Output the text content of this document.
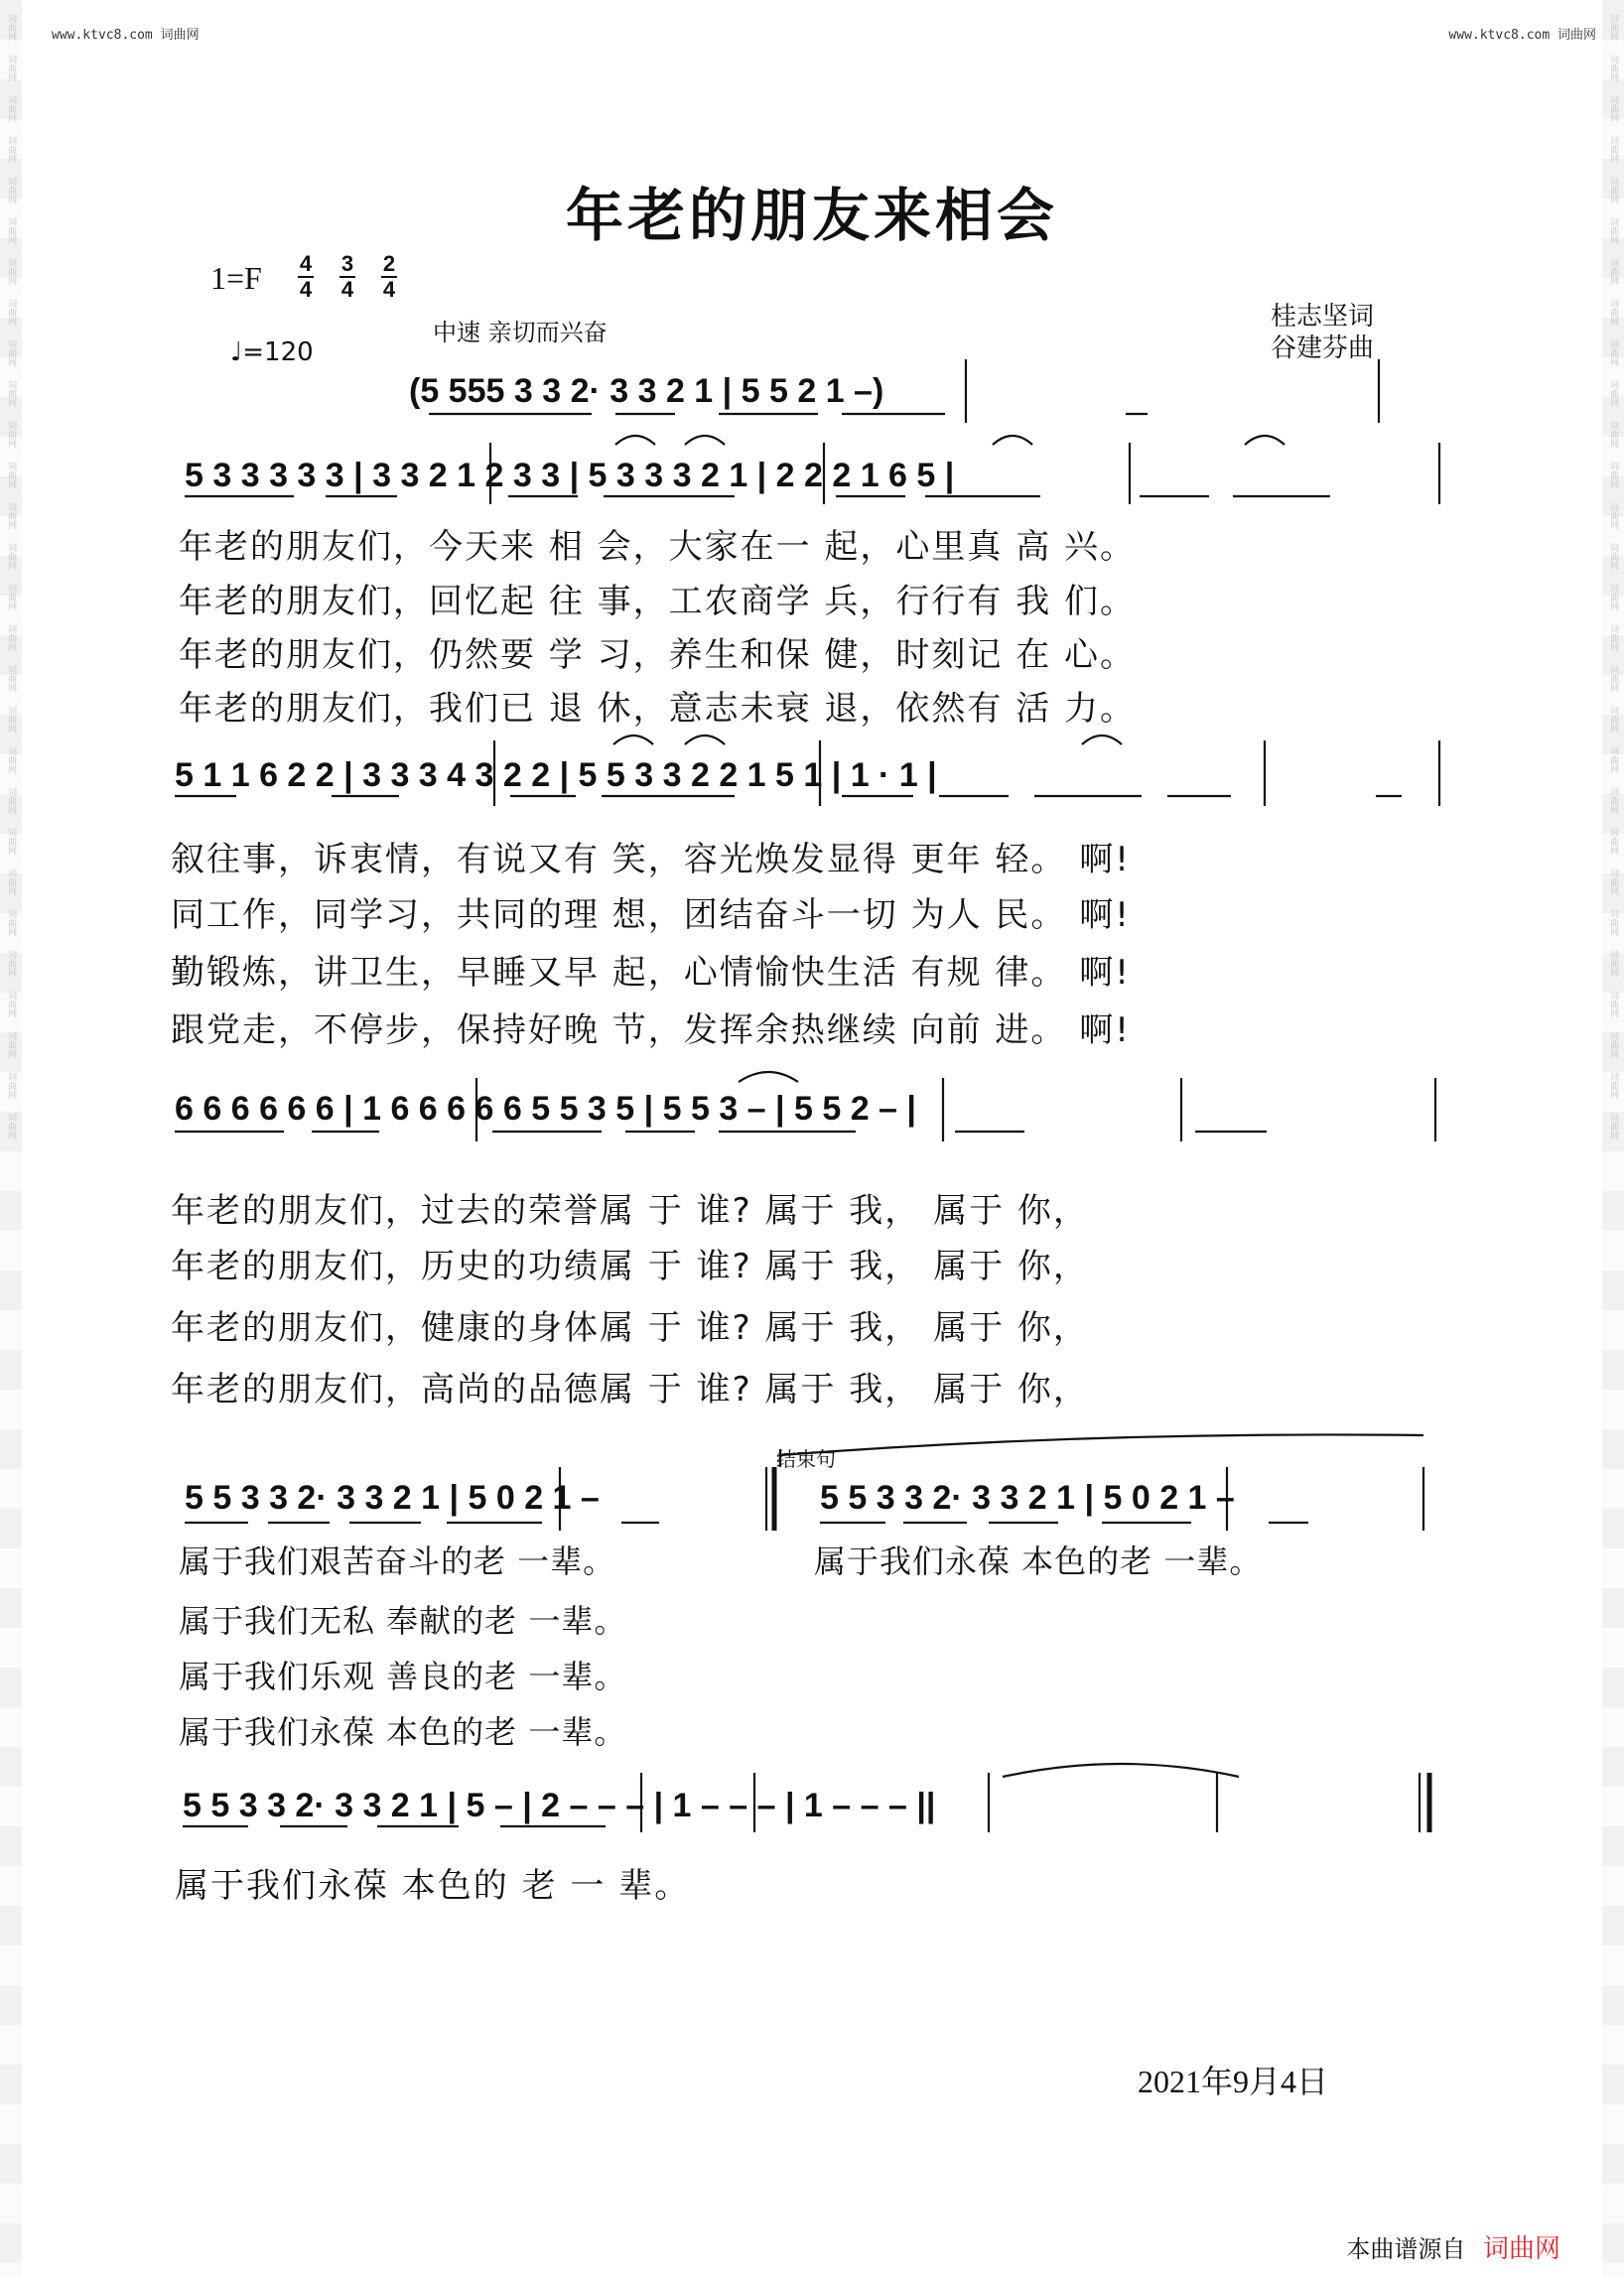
词曲网
词曲网
词曲网
词曲网
词曲网
词曲网
词曲网
词曲网
词曲网
词曲网
词曲网
词曲网
词曲网
词曲网
词曲网
词曲网
词曲网
词曲网
词曲网
词曲网
词曲网
词曲网
词曲网
词曲网
词曲网
词曲网
词曲网
词曲网
词曲网
词曲网
词曲网
词曲网
词曲网
词曲网
词曲网
词曲网
词曲网
词曲网
词曲网
词曲网
词曲网
词曲网
词曲网
词曲网
词曲网
词曲网
词曲网
词曲网
词曲网
词曲网
词曲网
词曲网
词曲网
词曲网
词曲网
词曲网
www.ktvc8.com 词曲网	www.ktvc8.com 词曲网
年老的朋友来相会
1=F 4
4
3
4
2
4
中速 亲切而兴奋
♩=120
桂志坚词
谷建芬曲
(5 555 3 3 2· 3 3 2 1 | 5 5 2 1 –)
5 3 3 3 3 3 | 3 3 2 1 2 3 3 | 5 3 3 3 2 1 | 2 2 2 1 6 5 |
年老的朋友们，今天来 相 会，大家在一 起，心里真 高 兴。
年老的朋友们，回忆起 往 事，工农商学 兵，行行有 我 们。
年老的朋友们，仍然要 学 习，养生和保 健，时刻记 在 心。
年老的朋友们，我们已 退 休，意志未衰 退，依然有 活 力。
5 1 1 6 2 2 | 3 3 3 4 3 2 2 | 5 5 3 3 2 2 1 5 1 | 1 · 1 |
叙往事，诉衷情，有说又有 笑，容光焕发显得 更年 轻。 啊!
同工作，同学习，共同的理 想，团结奋斗一切 为人 民。 啊!
勤锻炼，讲卫生，早睡又早 起，心情愉快生活 有规 律。 啊!
跟党走，不停步，保持好晚 节，发挥余热继续 向前 进。 啊!
6 6 6 6 6 6 | 1 6 6 6 6 6 5 5 3 5 | 5 5 3 – | 5 5 2 – |
年老的朋友们，过去的荣誉属 于 谁? 属于 我， 属于 你，
年老的朋友们，历史的功绩属 于 谁? 属于 我， 属于 你，
年老的朋友们，健康的身体属 于 谁? 属于 我， 属于 你，
年老的朋友们，高尚的品德属 于 谁? 属于 我， 属于 你，
结束句
5 5 3 3 2· 3 3 2 1 | 5 0 2 1 –	5 5 3 3 2· 3 3 2 1 | 5 0 2 1 –
属于我们艰苦奋斗的老 一辈。	属于我们永葆 本色的老 一辈。
属于我们无私 奉献的老 一辈。
属于我们乐观 善良的老 一辈。
属于我们永葆 本色的老 一辈。
5 5 3 3 2· 3 3 2 1 | 5 – | 2 – – – | 1 – – – | 1 – – – ||
属于我们永葆 本色的 老 一 辈。
2021年9月4日
本曲谱源自 词曲网
